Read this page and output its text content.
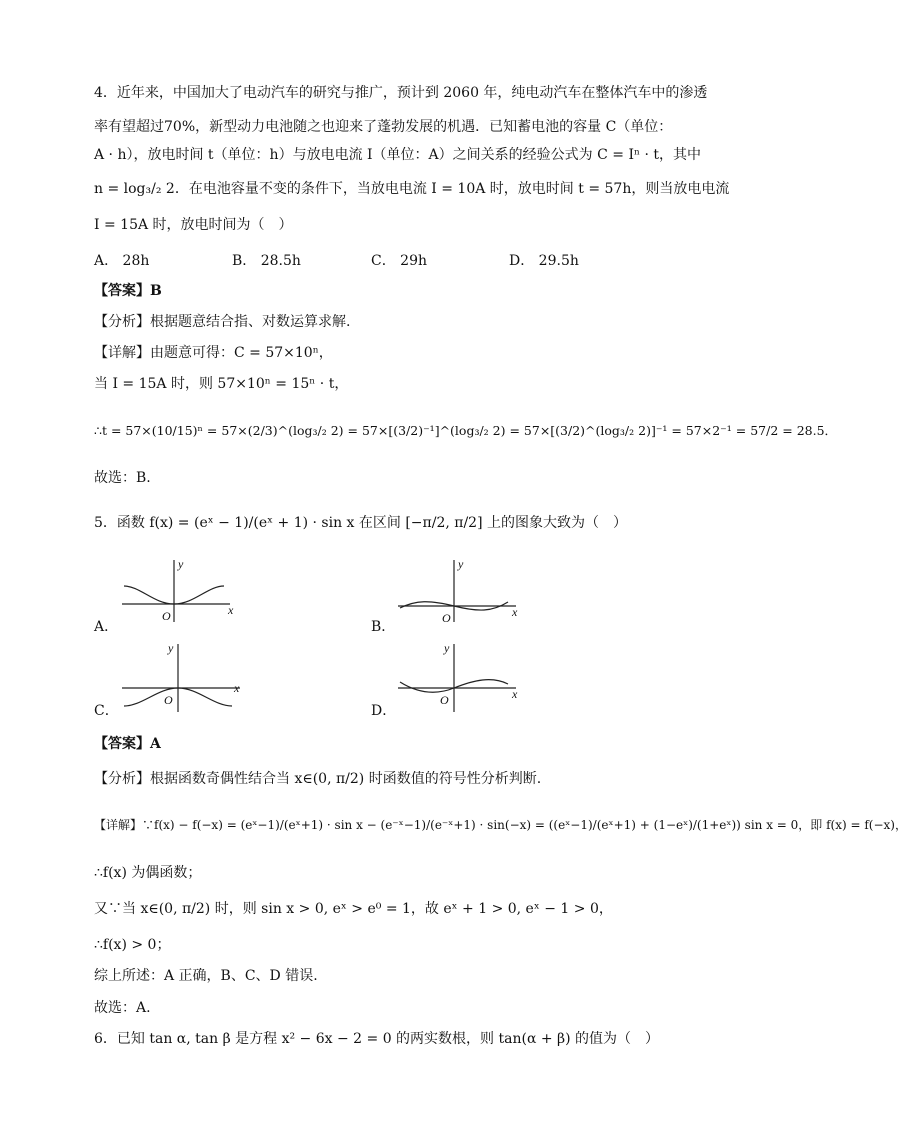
4．近年来，中国加大了电动汽车的研究与推广，预计到 2060 年，纯电动汽车在整体汽车中的渗透
率有望超过70%，新型动力电池随之也迎来了蓬勃发展的机遇．已知蓄电池的容量 C（单位：
A · h），放电时间 t（单位：h）与放电电流 I（单位：A）之间关系的经验公式为 C = Iⁿ · t，其中
n = log₃/₂ 2．在电池容量不变的条件下，当放电电流 I = 10A 时，放电时间 t = 57h，则当放电电流
I = 15A 时，放电时间为（　）
A． 28h	B． 28.5h	C． 29h	D． 29.5h
【答案】B
【分析】根据题意结合指、对数运算求解.
【详解】由题意可得：C = 57×10ⁿ，
当 I = 15A 时，则 57×10ⁿ = 15ⁿ · t，
∴t = 57×(10/15)ⁿ = 57×(2/3)^(log₃/₂ 2) = 57×[(3/2)⁻¹]^(log₃/₂ 2) = 57×[(3/2)^(log₃/₂ 2)]⁻¹ = 57×2⁻¹ = 57/2 = 28.5．
故选：B.
5．函数 f(x) = (eˣ − 1)/(eˣ + 1) · sin x 在区间 [−π/2, π/2] 上的图象大致为（　）
y
x
O
A．
y
x
O
B．
y
x
O
C．
y
x
O
D．
【答案】A
【分析】根据函数奇偶性结合当 x∈(0, π/2) 时函数值的符号性分析判断.
【详解】∵f(x) − f(−x) = (eˣ−1)/(eˣ+1) · sin x − (e⁻ˣ−1)/(e⁻ˣ+1) · sin(−x) = ((eˣ−1)/(eˣ+1) + (1−eˣ)/(1+eˣ)) sin x = 0，即 f(x) = f(−x)，
∴f(x) 为偶函数；
又∵当 x∈(0, π/2) 时，则 sin x > 0, eˣ > e⁰ = 1，故 eˣ + 1 > 0, eˣ − 1 > 0，
∴f(x) > 0；
综上所述：A 正确，B、C、D 错误.
故选：A.
6．已知 tan α, tan β 是方程 x² − 6x − 2 = 0 的两实数根，则 tan(α + β) 的值为（　）
